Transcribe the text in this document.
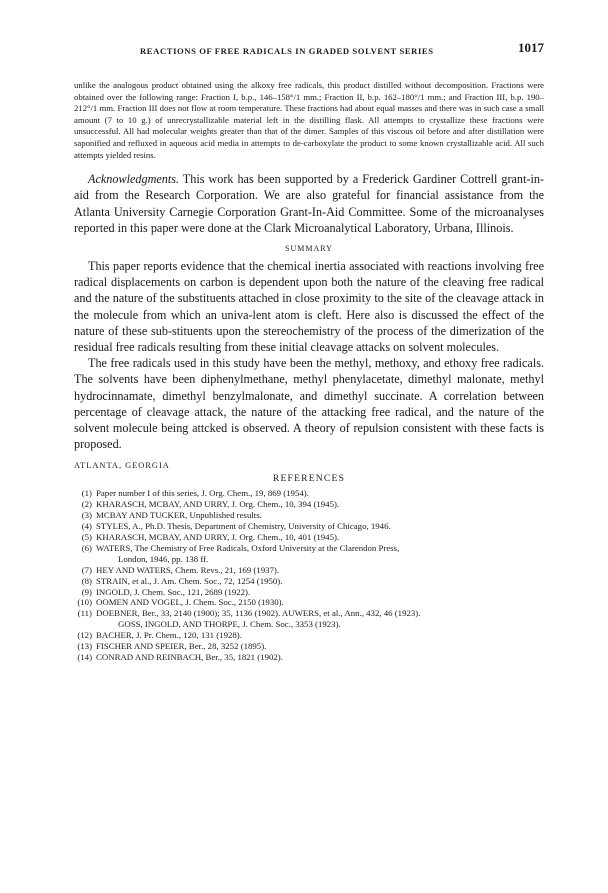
REACTIONS OF FREE RADICALS IN GRADED SOLVENT SERIES	1017

unlike the analogous product obtained using the alkoxy free radicals, this product distilled without decomposition. Fractions were obtained over the following range: Fraction I, b.p., 146–158°/1 mm.; Fraction II, b.p. 162–180°/1 mm.; and Fraction III, b.p. 190–212°/1 mm. Fraction III does not flow at room temperature. These fractions had about equal masses and there was in such case a small amount (7 to 10 g.) of unrecrystallizable material left in the distilling flask. All attempts to crystallize these fractions were unsuccessful. All had molecular weights greater than that of the dimer. Samples of this viscous oil before and after distillation were saponified and refluxed in aqueous acid media in attempts to de-carboxylate the product to some known crystallizable acid. All such attempts yielded resins.

Acknowledgments. This work has been supported by a Frederick Gardiner Cottrell grant-in-aid from the Research Corporation. We are also grateful for financial assistance from the Atlanta University Carnegie Corporation Grant-In-Aid Committee. Some of the microanalyses reported in this paper were done at the Clark Microanalytical Laboratory, Urbana, Illinois.

SUMMARY

This paper reports evidence that the chemical inertia associated with reactions involving free radical displacements on carbon is dependent upon both the nature of the cleaving free radical and the nature of the substituents attached in close proximity to the site of the cleavage attack in the molecule from which an univa-lent atom is cleft. Here also is discussed the effect of the nature of these sub-stituents upon the stereochemistry of the process of the dimerization of the residual free radicals resulting from these initial cleavage attacks on solvent molecules.

The free radicals used in this study have been the methyl, methoxy, and ethoxy free radicals. The solvents have been diphenylmethane, methyl phenylacetate, dimethyl malonate, methyl hydrocinnamate, dimethyl benzylmalonate, and dimethyl succinate. A correlation between percentage of cleavage attack, the nature of the attacking free radical, and the nature of the solvent molecule being attcked is observed. A theory of repulsion consistent with these facts is proposed.

ATLANTA, GEORGIA
REFERENCES
(1) Paper number I of this series, J. Org. Chem., 19, 869 (1954).
(2) KHARASCH, MCBAY, AND URRY, J. Org. Chem., 10, 394 (1945).
(3) MCBAY AND TUCKER, Unpublished results.
(4) STYLES, A., Ph.D. Thesis, Department of Chemistry, University of Chicago, 1946.
(5) KHARASCH, MCBAY, AND URRY, J. Org. Chem., 10, 401 (1945).
(6) WATERS, The Chemistry of Free Radicals, Oxford University at the Clarendon Press,
London, 1946, pp. 138 ff.
(7) HEY AND WATERS, Chem. Revs., 21, 169 (1937).
(8) STRAIN, et al., J. Am. Chem. Soc., 72, 1254 (1950).
(9) INGOLD, J. Chem. Soc., 121, 2689 (1922).
(10) OOMEN AND VOGEL, J. Chem. Soc., 2150 (1930).
(11) DOEBNER, Ber., 33, 2140 (1900); 35, 1136 (1902). AUWERS, et al., Ann., 432, 46 (1923).
GOSS, INGOLD, AND THORPE, J. Chem. Soc., 3353 (1923).
(12) BACHER, J. Pr. Chem., 120, 131 (1928).
(13) FISCHER AND SPEIER, Ber., 28, 3252 (1895).
(14) CONRAD AND REINBACH, Ber., 35, 1821 (1902).
